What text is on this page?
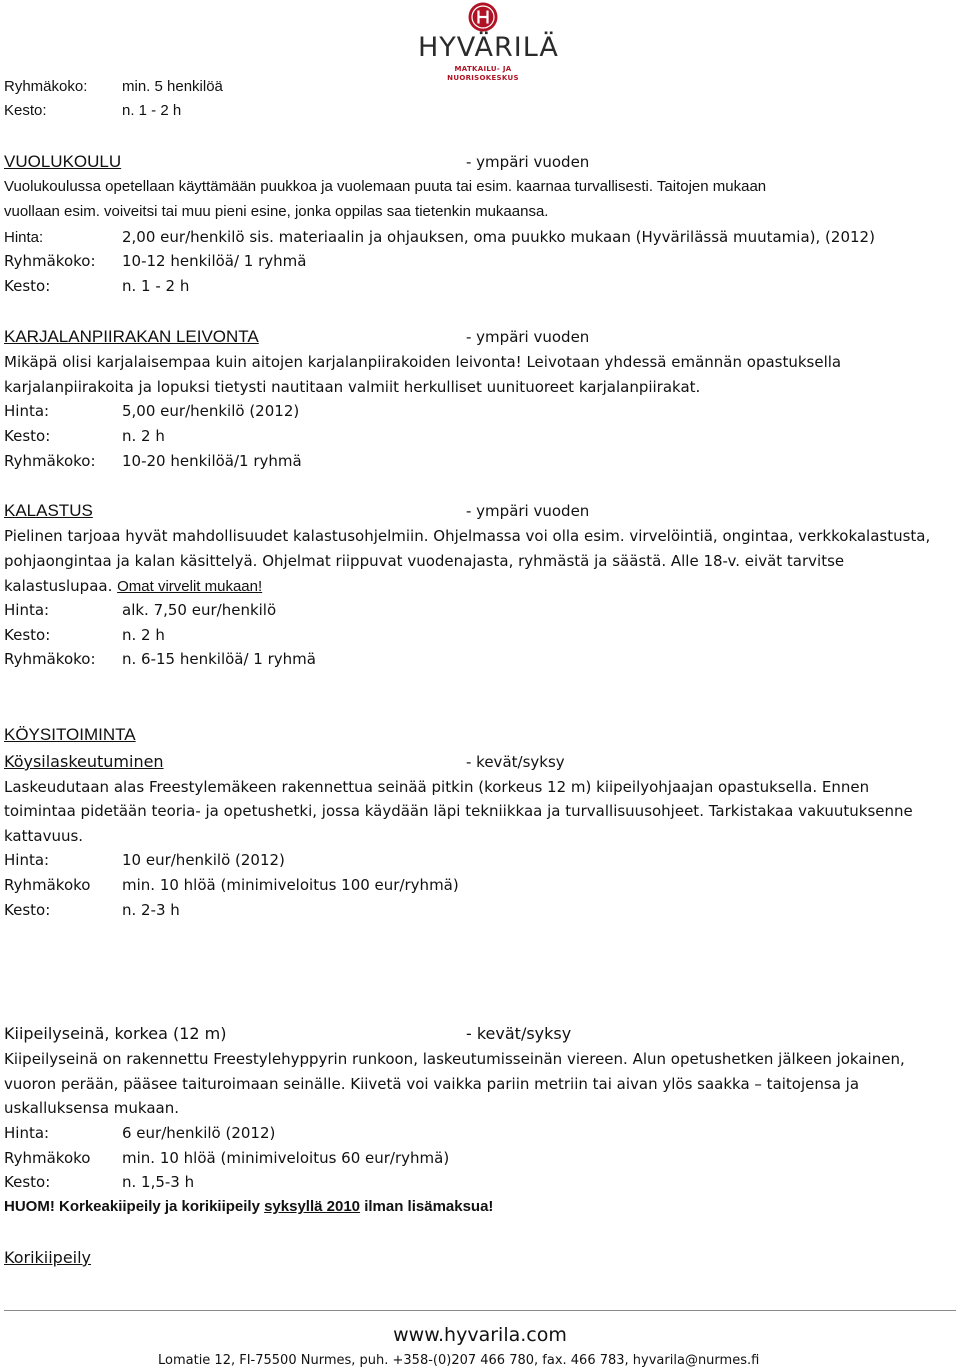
HYVÄRILÄ
MATKAILU- JA NUORISOKESKUS

Ryhmäkoko: min. 5 henkilöä

Kesto:	n. 1 - 2 h

VUOLUKOULU	- ympäri vuoden

Vuolukoulussa opetellaan käyttämään puukkoa ja vuolemaan puuta tai esim. kaarnaa turvallisesti. Taitojen mukaan

vuollaan esim. voiveitsi tai muu pieni esine, jonka oppilas saa tietenkin mukaansa.

Hinta:	2,00 eur/henkilö sis. materiaalin ja ohjauksen, oma puukko mukaan (Hyvärilässä muutamia), (2012)

Ryhmäkoko: 10-12 henkilöä/ 1 ryhmä

Kesto:	n. 1 - 2 h

KARJALANPIIRAKAN LEIVONTA	- ympäri vuoden

Mikäpä olisi karjalaisempaa kuin aitojen karjalanpiirakoiden leivonta! Leivotaan yhdessä emännän opastuksella

karjalanpiirakoita ja lopuksi tietysti nautitaan valmiit herkulliset uunituoreet karjalanpiirakat.

Hinta:	5,00 eur/henkilö (2012)

Kesto:	n. 2 h

Ryhmäkoko: 10-20 henkilöä/1 ryhmä

KALASTUS	- ympäri vuoden

Pielinen tarjoaa hyvät mahdollisuudet kalastusohjelmiin. Ohjelmassa voi olla esim. virvelöintiä, ongintaa, verkkokalastusta,

pohjaongintaa ja kalan käsittelyä. Ohjelmat riippuvat vuodenajasta, ryhmästä ja säästä. Alle 18-v. eivät tarvitse

kalastuslupaa. Omat virvelit mukaan!

Hinta:	alk. 7,50 eur/henkilö

Kesto:	n. 2 h

Ryhmäkoko: n. 6-15 henkilöä/ 1 ryhmä

KÖYSITOIMINTA

Köysilaskeutuminen	- kevät/syksy

Laskeudutaan alas Freestylemäkeen rakennettua seinää pitkin (korkeus 12 m) kiipeilyohjaajan opastuksella. Ennen

toimintaa pidetään teoria- ja opetushetki, jossa käydään läpi tekniikkaa ja turvallisuusohjeet. Tarkistakaa vakuutuksenne

kattavuus.

Hinta:	10 eur/henkilö (2012)

Ryhmäkoko min. 10 hlöä (minimiveloitus 100 eur/ryhmä)

Kesto:	n. 2-3 h

Kiipeilyseinä, korkea (12 m)	- kevät/syksy

Kiipeilyseinä on rakennettu Freestylehyppyrin runkoon, laskeutumisseinän viereen. Alun opetushetken jälkeen jokainen,

vuoron perään, pääsee taituroimaan seinälle. Kiivetä voi vaikka pariin metriin tai aivan ylös saakka – taitojensa ja

uskalluksensa mukaan.

Hinta:	6 eur/henkilö (2012)

Ryhmäkoko min. 10 hlöä (minimiveloitus 60 eur/ryhmä)

Kesto:	n. 1,5-3 h

HUOM! Korkeakiipeily ja korikiipeily syksyllä 2010 ilman lisämaksua!

Korikiipeily

www.hyvarila.com
Lomatie 12, FI-75500 Nurmes, puh. +358-(0)207 466 780, fax. 466 783, hyvarila@nurmes.fi
